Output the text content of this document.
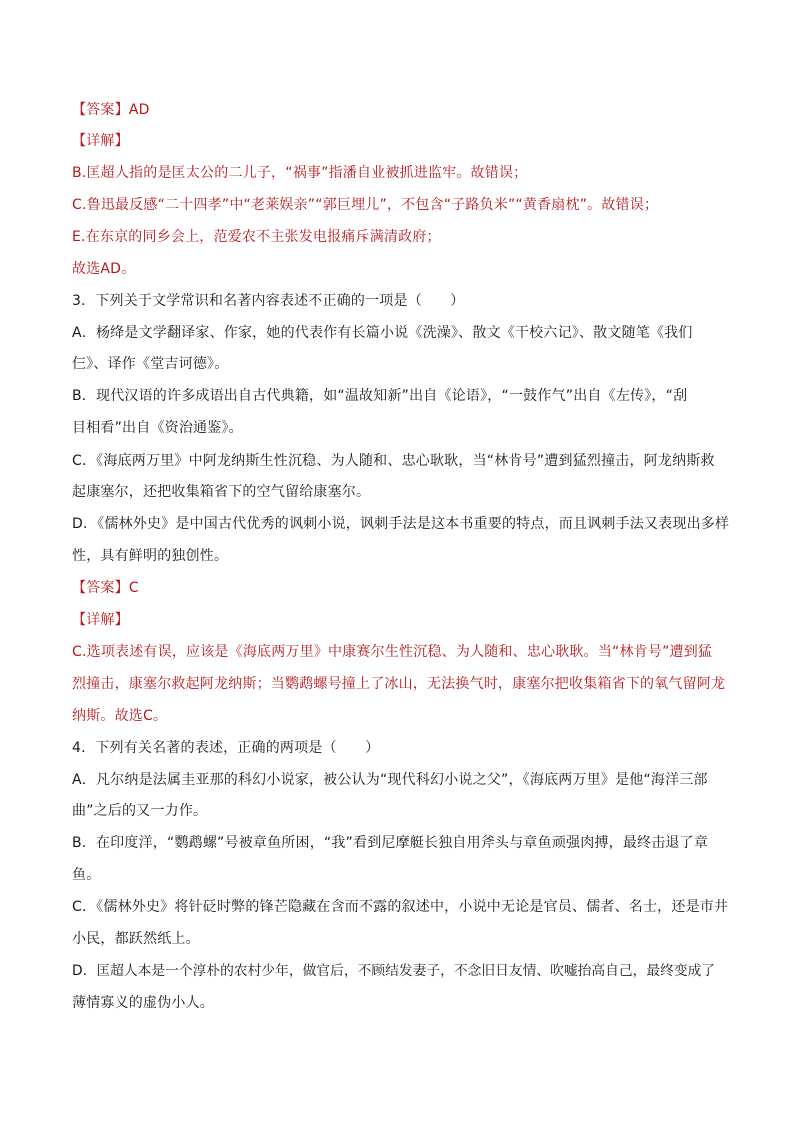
【答案】AD
【详解】
B.匡超人指的是匡太公的二儿子，“祸事”指潘自业被抓进监牢。故错误；
C.鲁迅最反感“二十四孝”中“老莱娱亲”“郭巨埋儿”，不包含“子路负米”“黄香扇枕”。故错误；
E.在东京的同乡会上，范爱农不主张发电报痛斥满清政府；
故选AD。
3．下列关于文学常识和名著内容表述不正确的一项是（　　）
A．杨绛是文学翻译家、作家，她的代表作有长篇小说《洗澡》、散文《干校六记》、散文随笔《我们
仨》、译作《堂吉诃德》。
B．现代汉语的许多成语出自古代典籍，如“温故知新”出自《论语》，“一鼓作气”出自《左传》，“刮
目相看”出自《资治通鉴》。
C．《海底两万里》中阿龙纳斯生性沉稳、为人随和、忠心耿耿，当“林肯号”遭到猛烈撞击，阿龙纳斯救
起康塞尔，还把收集箱省下的空气留给康塞尔。
D．《儒林外史》是中国古代优秀的讽刺小说，讽刺手法是这本书重要的特点，而且讽刺手法又表现出多样
性，具有鲜明的独创性。
【答案】C
【详解】
C.选项表述有误，应该是《海底两万里》中康赛尔生性沉稳、为人随和、忠心耿耿。当“林肯号”遭到猛
烈撞击，康塞尔救起阿龙纳斯；当鹦鹉螺号撞上了冰山，无法换气时，康塞尔把收集箱省下的氧气留阿龙
纳斯。故选C。
4．下列有关名著的表述，正确的两项是（　　）
A．凡尔纳是法属圭亚那的科幻小说家，被公认为“现代科幻小说之父”，《海底两万里》是他“海洋三部
曲”之后的又一力作。
B．在印度洋，“鹦鹉螺”号被章鱼所困，“我”看到尼摩艇长独自用斧头与章鱼顽强肉搏，最终击退了章
鱼。
C．《儒林外史》将针砭时弊的锋芒隐藏在含而不露的叙述中，小说中无论是官员、儒者、名士，还是市井
小民，都跃然纸上。
D．匡超人本是一个淳朴的农村少年，做官后，不顾结发妻子，不念旧日友情、吹嘘抬高自己，最终变成了
薄情寡义的虚伪小人。
